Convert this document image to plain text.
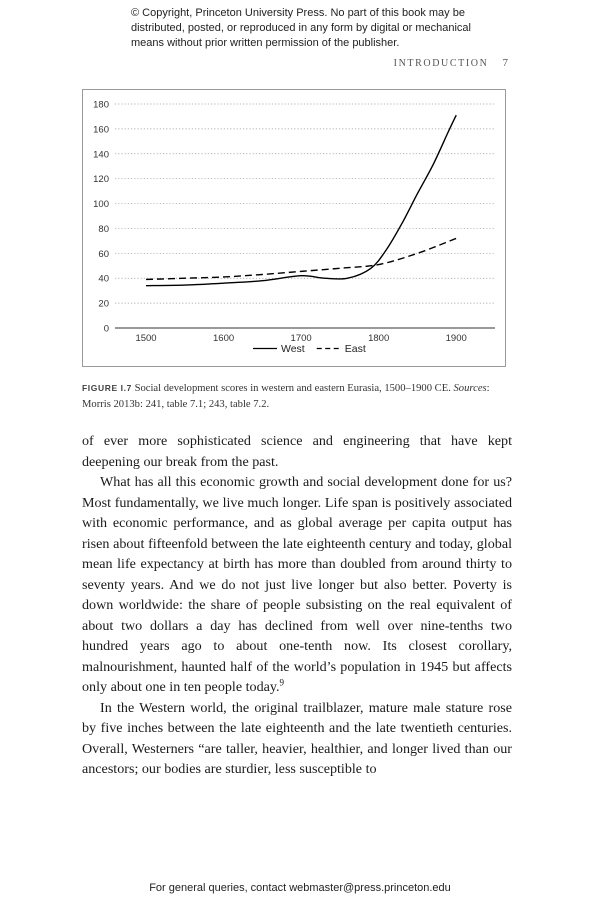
© Copyright, Princeton University Press. No part of this book may be distributed, posted, or reproduced in any form by digital or mechanical means without prior written permission of the publisher.
INTRODUCTION 7
0
20
40
60
80
100
120
140
160
180
1500	1600	1700	1800	1900
West	East
FIGURE I.7 Social development scores in western and eastern Eurasia, 1500–1900 CE. Sources: Morris 2013b: 241, table 7.1; 243, table 7.2.

of ever more sophisticated science and engineering that have kept deepening our break from the past.

What has all this economic growth and social development done for us? Most fundamentally, we live much longer. Life span is positively associated with economic performance, and as global average per capita output has risen about fifteenfold between the late eighteenth century and today, global mean life expectancy at birth has more than doubled from around thirty to seventy years. And we do not just live longer but also better. Poverty is down worldwide: the share of people subsisting on the real equivalent of about two dollars a day has declined from well over nine-tenths two hundred years ago to about one-tenth now. Its closest corollary, malnourishment, haunted half of the world’s population in 1945 but affects only about one in ten people today.$^9$

In the Western world, the original trailblazer, mature male stature rose by five inches between the late eighteenth and the late twentieth centuries. Overall, Westerners “are taller, heavier, healthier, and longer lived than our ancestors; our bodies are sturdier, less susceptible to

For general queries, contact webmaster@press.princeton.edu
